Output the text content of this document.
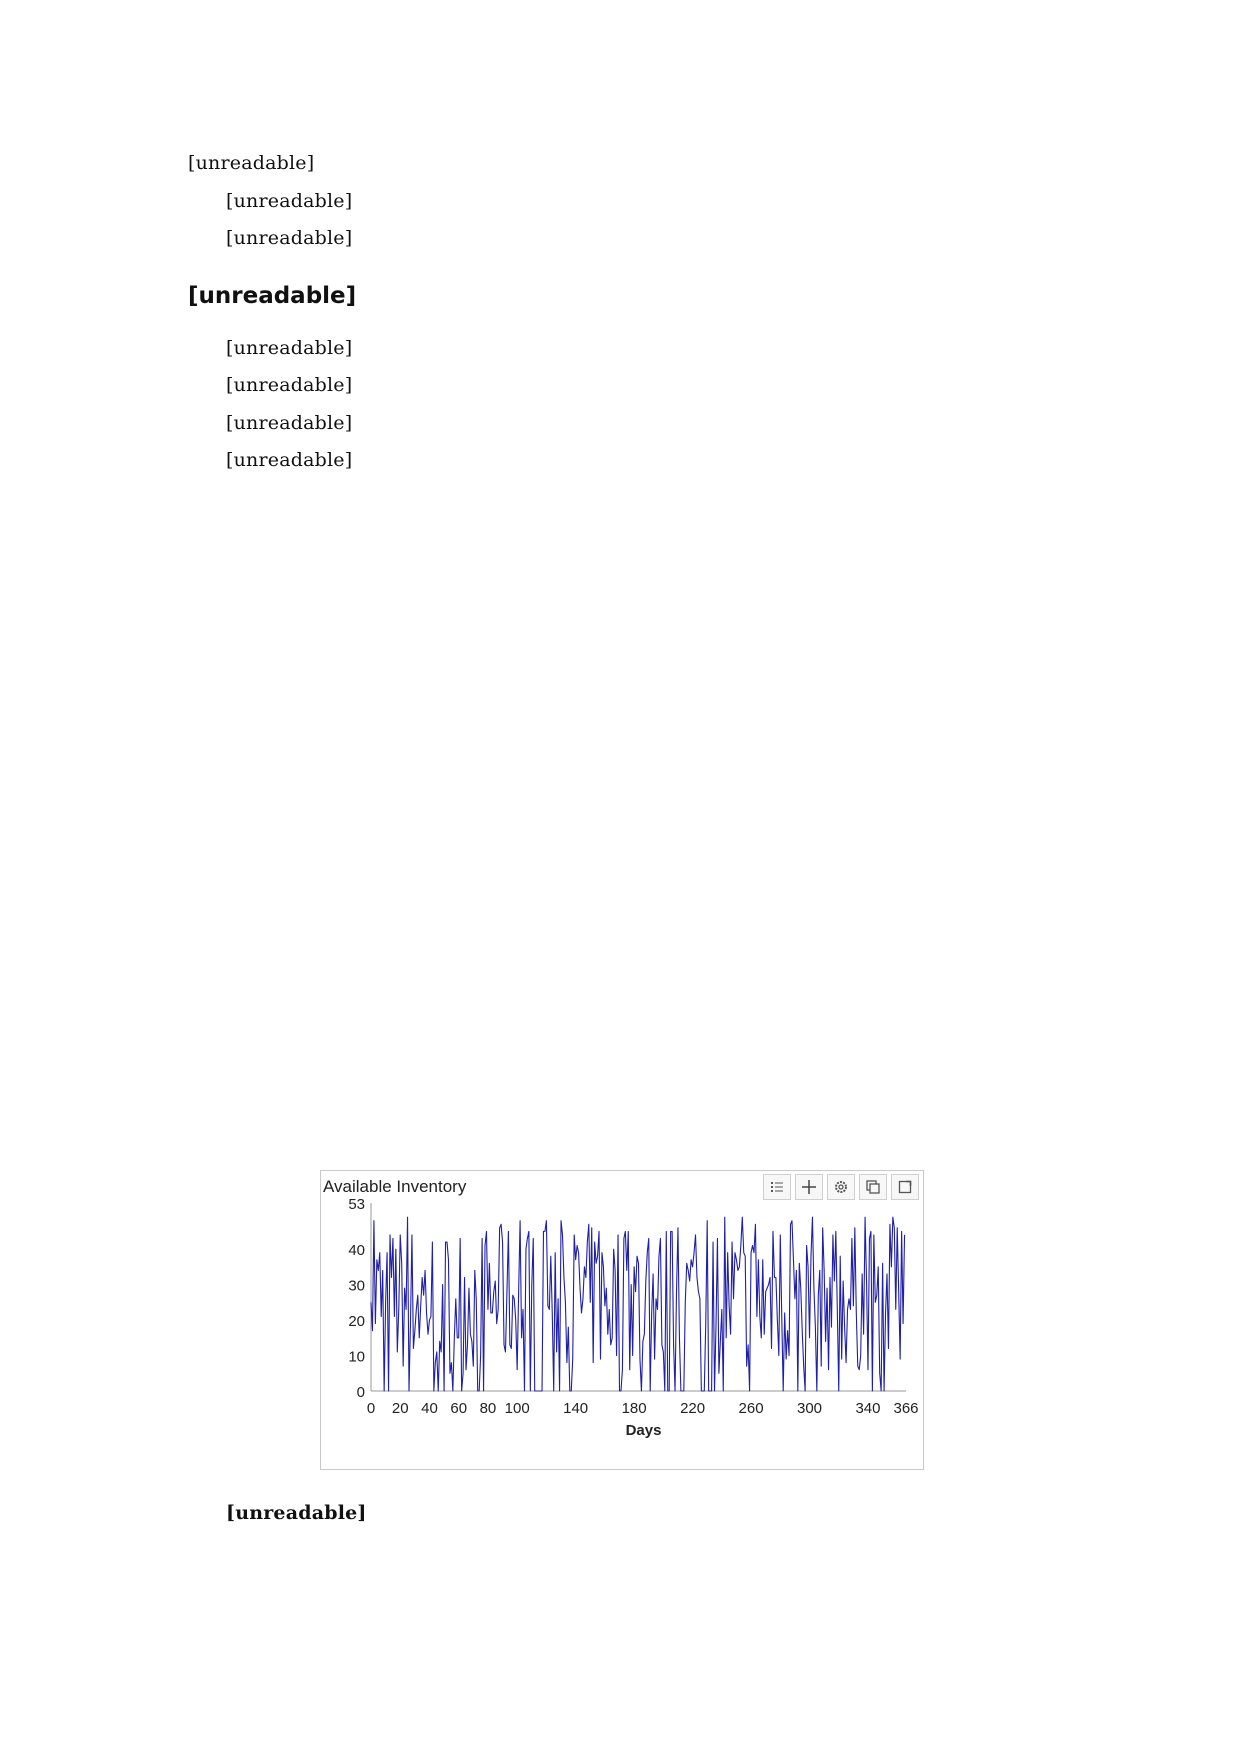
[unreadable]

[unreadable]

[unreadable]

[unreadable]

[unreadable]

[unreadable]

[unreadable]

[unreadable]

Available Inventory
0
10
20
30
40
53
0 20 40 60 80 100 140 180 220 260 300 340 366
Days

[unreadable]
